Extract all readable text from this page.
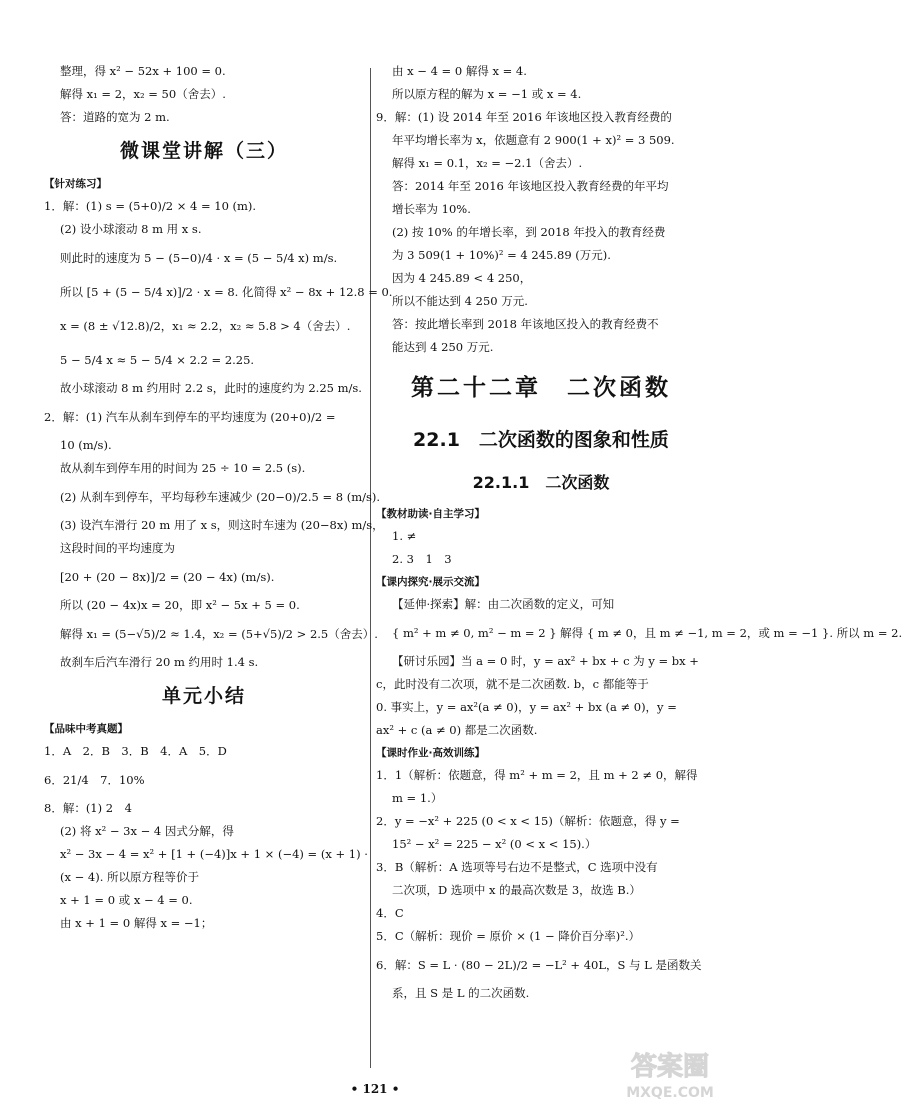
整理，得 x² − 52x + 100 = 0.
解得 x₁ = 2，x₂ = 50（舍去）.
答：道路的宽为 2 m.
微课堂讲解（三）
【针对练习】
1．解：(1) s = (5+0)/2 × 4 = 10 (m).
(2) 设小球滚动 8 m 用 x s.
则此时的速度为 5 − (5−0)/4 · x = (5 − 5/4 x) m/s.
所以 [5 + (5 − 5/4 x)]/2 · x = 8. 化简得 x² − 8x + 12.8 = 0.
x = (8 ± √12.8)/2，x₁ ≈ 2.2，x₂ ≈ 5.8 > 4（舍去）.
5 − 5/4 x ≈ 5 − 5/4 × 2.2 = 2.25.
故小球滚动 8 m 约用时 2.2 s，此时的速度约为 2.25 m/s.
2．解：(1) 汽车从刹车到停车的平均速度为 (20+0)/2 =
10 (m/s).
故从刹车到停车用的时间为 25 ÷ 10 = 2.5 (s).
(2) 从刹车到停车，平均每秒车速减少 (20−0)/2.5 = 8 (m/s).
(3) 设汽车滑行 20 m 用了 x s，则这时车速为 (20−8x) m/s，
这段时间的平均速度为
[20 + (20 − 8x)]/2 = (20 − 4x) (m/s).
所以 (20 − 4x)x = 20，即 x² − 5x + 5 = 0.
解得 x₁ = (5−√5)/2 ≈ 1.4，x₂ = (5+√5)/2 > 2.5（舍去）.
故刹车后汽车滑行 20 m 约用时 1.4 s.
单元小结
【品味中考真题】
1．A　2．B　3．B　4．A　5．D
6．21/4　7．10%
8．解：(1) 2　4
(2) 将 x² − 3x − 4 因式分解，得
x² − 3x − 4 = x² + [1 + (−4)]x + 1 × (−4) = (x + 1) ·
(x − 4). 所以原方程等价于
x + 1 = 0 或 x − 4 = 0.
由 x + 1 = 0 解得 x = −1；
由 x − 4 = 0 解得 x = 4.
所以原方程的解为 x = −1 或 x = 4.
9．解：(1) 设 2014 年至 2016 年该地区投入教育经费的
年平均增长率为 x，依题意有 2 900(1 + x)² = 3 509.
解得 x₁ = 0.1，x₂ = −2.1（舍去）.
答：2014 年至 2016 年该地区投入教育经费的年平均
增长率为 10%.
(2) 按 10% 的年增长率，到 2018 年投入的教育经费
为 3 509(1 + 10%)² = 4 245.89 (万元).
因为 4 245.89 < 4 250，
所以不能达到 4 250 万元.
答：按此增长率到 2018 年该地区投入的教育经费不
能达到 4 250 万元.
第二十二章　二次函数
22.1　二次函数的图象和性质
22.1.1　二次函数
【教材助读·自主学习】
1. ≠
2. 3　1　3
【课内探究·展示交流】
【延伸·探索】解：由二次函数的定义，可知
{ m² + m ≠ 0, m² − m = 2 } 解得 { m ≠ 0，且 m ≠ −1, m = 2，或 m = −1 }. 所以 m = 2.
【研讨乐园】当 a = 0 时，y = ax² + bx + c 为 y = bx +
c，此时没有二次项，就不是二次函数. b，c 都能等于
0. 事实上，y = ax²(a ≠ 0)，y = ax² + bx (a ≠ 0)，y =
ax² + c (a ≠ 0) 都是二次函数.
【课时作业·高效训练】
1．1（解析：依题意，得 m² + m = 2，且 m + 2 ≠ 0，解得
m = 1.）
2．y = −x² + 225 (0 < x < 15)（解析：依题意，得 y =
15² − x² = 225 − x² (0 < x < 15).）
3．B（解析：A 选项等号右边不是整式，C 选项中没有
二次项，D 选项中 x 的最高次数是 3，故选 B.）
4．C
5．C（解析：现价 = 原价 × (1 − 降价百分率)².）
6．解：S = L · (80 − 2L)/2 = −L² + 40L，S 与 L 是函数关
系，且 S 是 L 的二次函数.
• 121 •
答案圈
MXQE.COM
